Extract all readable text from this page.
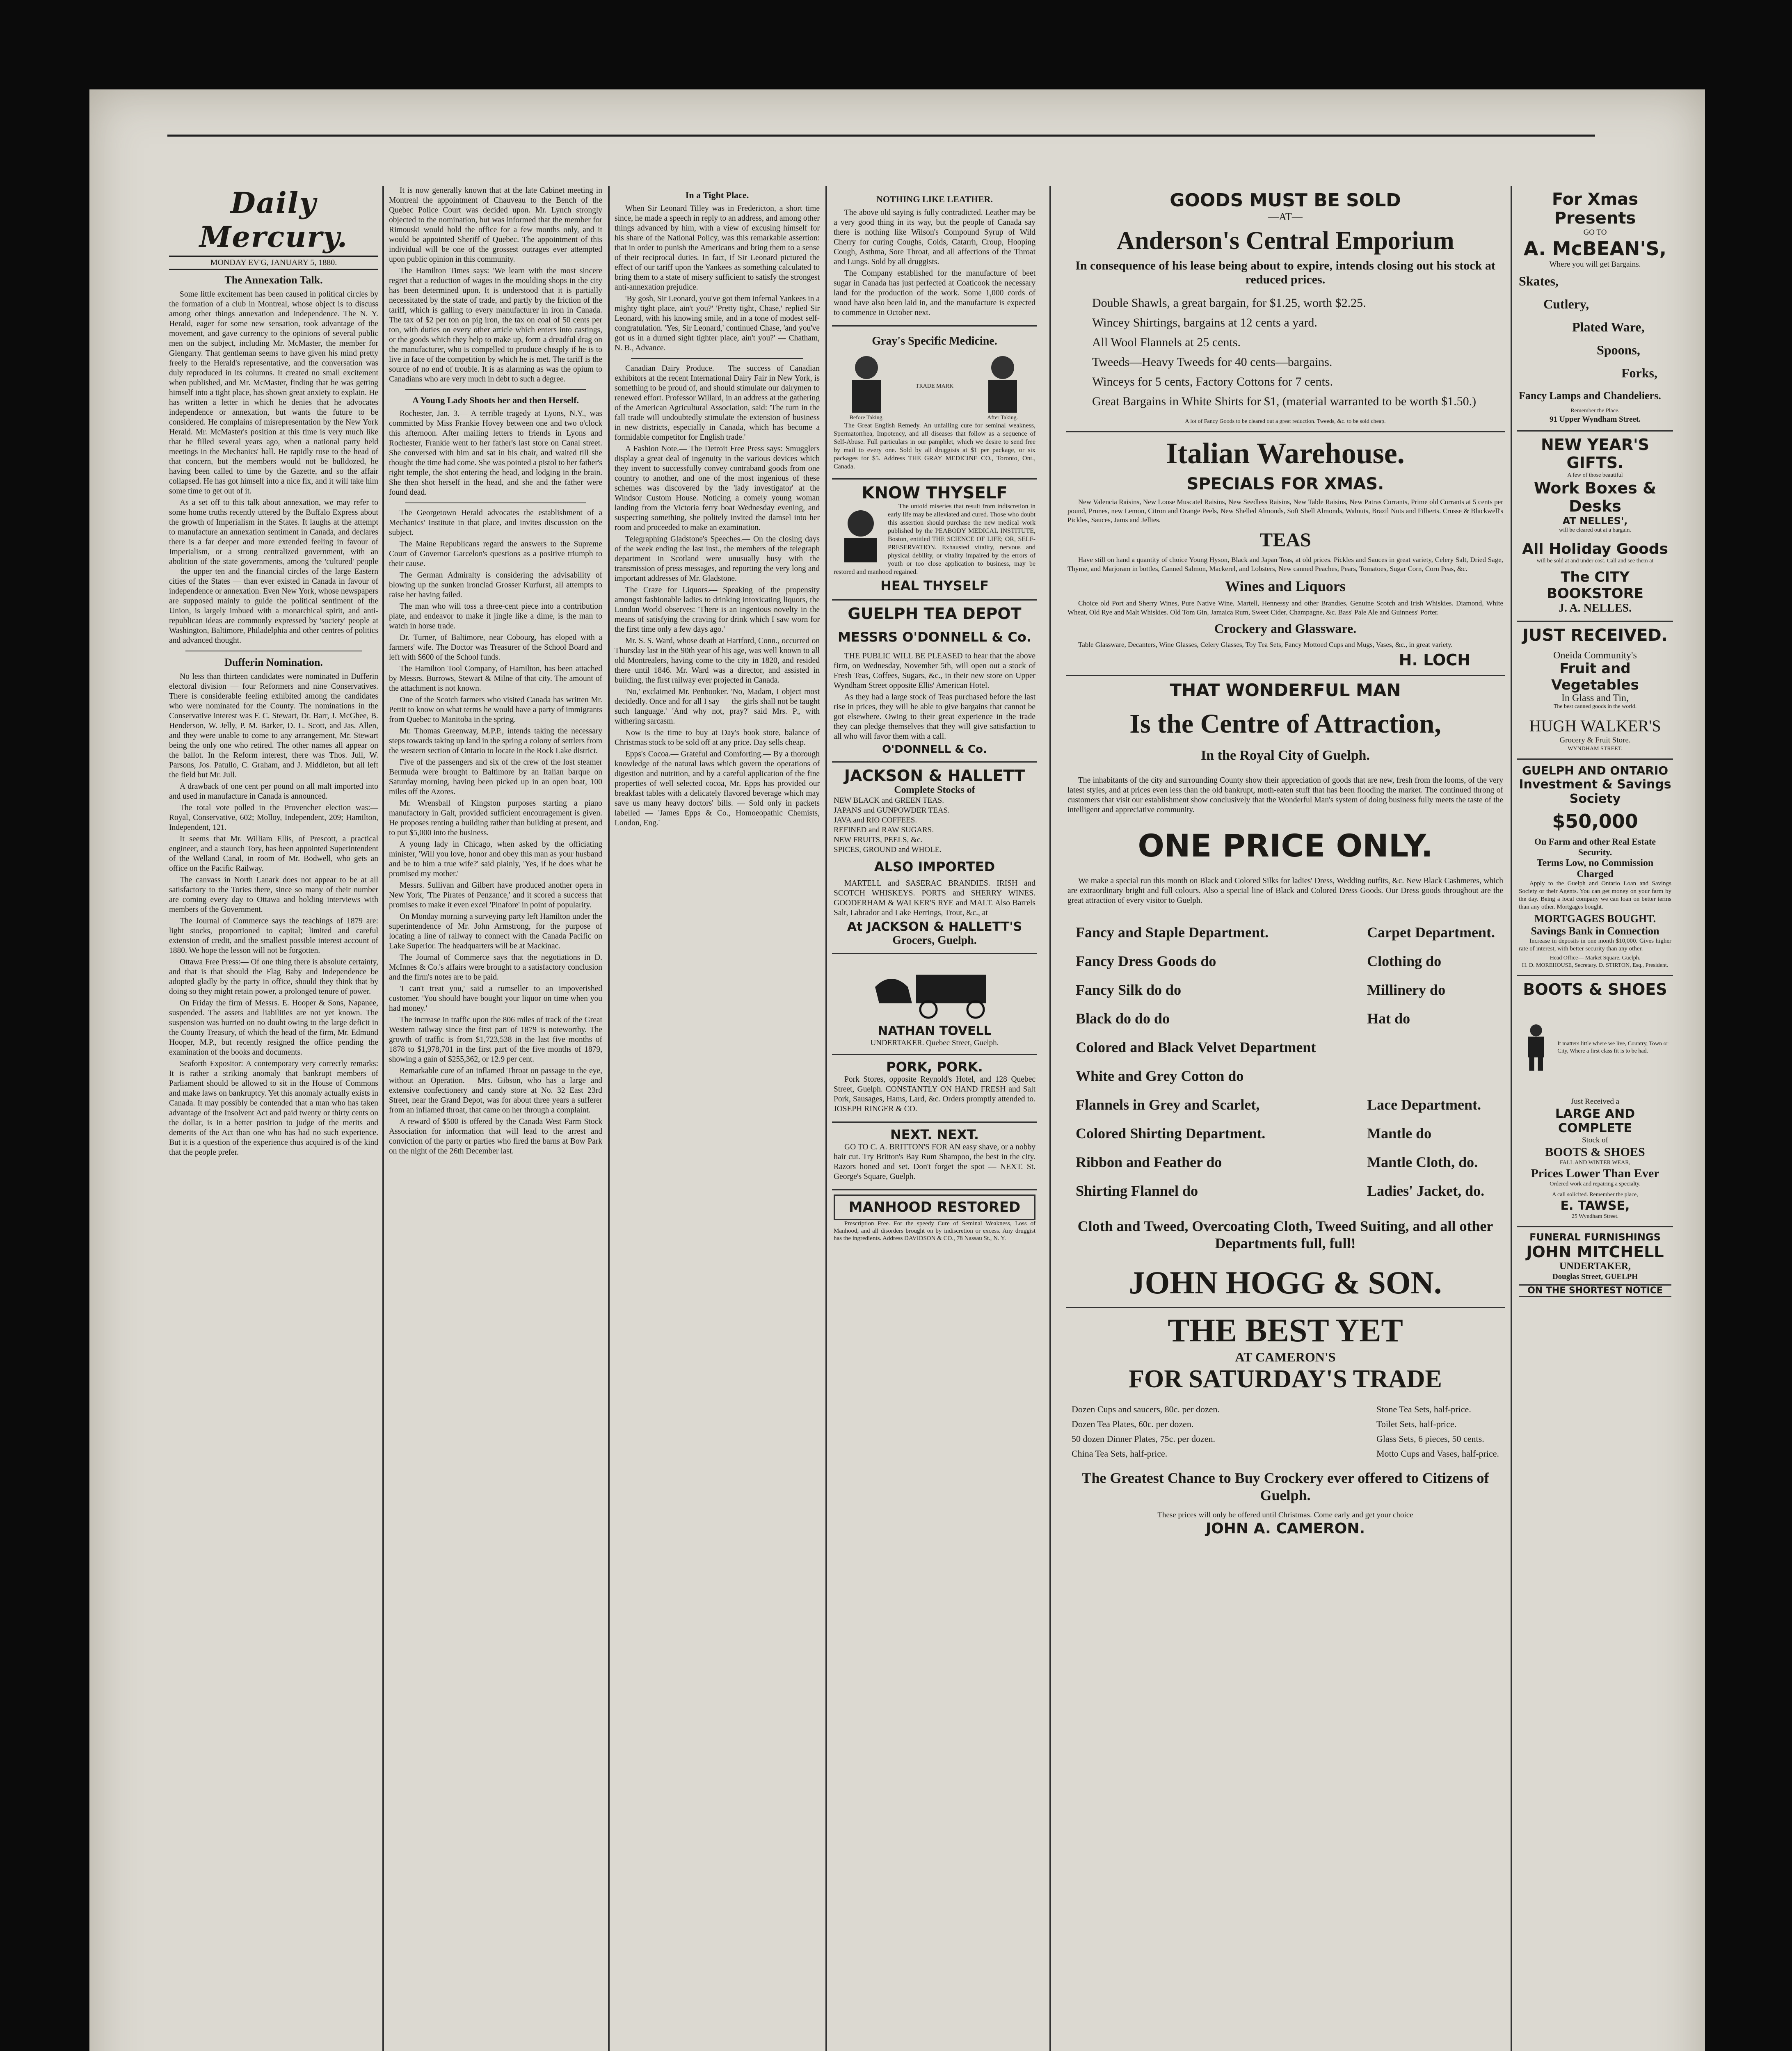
Daily Mercury.
MONDAY EV'G, JANUARY 5, 1880.
The Annexation Talk.

Some little excitement has been caused in political circles by the formation of a club in Montreal, whose object is to discuss among other things annexation and independence. The N. Y. Herald, eager for some new sensation, took advantage of the movement, and gave currency to the opinions of several public men on the subject, including Mr. McMaster, the member for Glengarry. That gentleman seems to have given his mind pretty freely to the Herald's representative, and the conversation was duly reproduced in its columns. It created no small excitement when published, and Mr. McMaster, finding that he was getting himself into a tight place, has shown great anxiety to explain. He has written a letter in which he denies that he advocates independence or annexation, but wants the future to be considered. He complains of misrepresentation by the New York Herald. Mr. McMaster's position at this time is very much like that he filled several years ago, when a national party held meetings in the Mechanics' hall. He rapidly rose to the head of that concern, but the members would not be bulldozed, he having been called to time by the Gazette, and so the affair collapsed. He has got himself into a nice fix, and it will take him some time to get out of it.

As a set off to this talk about annexation, we may refer to some home truths recently uttered by the Buffalo Express about the growth of Imperialism in the States. It laughs at the attempt to manufacture an annexation sentiment in Canada, and declares there is a far deeper and more extended feeling in favour of Imperialism, or a strong centralized government, with an abolition of the state governments, among the 'cultured' people — the upper ten and the financial circles of the large Eastern cities of the States — than ever existed in Canada in favour of independence or annexation. Even New York, whose newspapers are supposed mainly to guide the political sentiment of the Union, is largely imbued with a monarchical spirit, and anti-republican ideas are commonly expressed by 'society' people at Washington, Baltimore, Philadelphia and other centres of politics and advanced thought.

Dufferin Nomination.

No less than thirteen candidates were nominated in Dufferin electoral division — four Reformers and nine Conservatives. There is considerable feeling exhibited among the candidates who were nominated for the County. The nominations in the Conservative interest was F. C. Stewart, Dr. Barr, J. McGhee, B. Henderson, W. Jelly, P. M. Barker, D. L. Scott, and Jas. Allen, and they were unable to come to any arrangement, Mr. Stewart being the only one who retired. The other names all appear on the ballot. In the Reform interest, there was Thos. Jull, W. Parsons, Jos. Patullo, C. Graham, and J. Middleton, but all left the field but Mr. Jull.

A drawback of one cent per pound on all malt imported into and used in manufacture in Canada is announced.

The total vote polled in the Provencher election was:— Royal, Conservative, 602; Molloy, Independent, 209; Hamilton, Independent, 121.

It seems that Mr. William Ellis, of Prescott, a practical engineer, and a staunch Tory, has been appointed Superintendent of the Welland Canal, in room of Mr. Bodwell, who gets an office on the Pacific Railway.

The canvass in North Lanark does not appear to be at all satisfactory to the Tories there, since so many of their number are coming every day to Ottawa and holding interviews with members of the Government.

The Journal of Commerce says the teachings of 1879 are: light stocks, proportioned to capital; limited and careful extension of credit, and the smallest possible interest account of 1880. We hope the lesson will not be forgotten.

Ottawa Free Press:— Of one thing there is absolute certainty, and that is that should the Flag Baby and Independence be adopted gladly by the party in office, should they think that by doing so they might retain power, a prolonged tenure of power.

On Friday the firm of Messrs. E. Hooper & Sons, Napanee, suspended. The assets and liabilities are not yet known. The suspension was hurried on no doubt owing to the large deficit in the County Treasury, of which the head of the firm, Mr. Edmund Hooper, M.P., but recently resigned the office pending the examination of the books and documents.

Seaforth Expositor: A contemporary very correctly remarks: It is rather a striking anomaly that bankrupt members of Parliament should be allowed to sit in the House of Commons and make laws on bankruptcy. Yet this anomaly actually exists in Canada. It may possibly be contended that a man who has taken advantage of the Insolvent Act and paid twenty or thirty cents on the dollar, is in a better position to judge of the merits and demerits of the Act than one who has had no such experience. But it is a question of the experience thus acquired is of the kind that the people prefer.

It is now generally known that at the late Cabinet meeting in Montreal the appointment of Chauveau to the Bench of the Quebec Police Court was decided upon. Mr. Lynch strongly objected to the nomination, but was informed that the member for Rimouski would hold the office for a few months only, and it would be appointed Sheriff of Quebec. The appointment of this individual will be one of the grossest outrages ever attempted upon public opinion in this community.

The Hamilton Times says: 'We learn with the most sincere regret that a reduction of wages in the moulding shops in the city has been determined upon. It is understood that it is partially necessitated by the state of trade, and partly by the friction of the tariff, which is galling to every manufacturer in iron in Canada. The tax of $2 per ton on pig iron, the tax on coal of 50 cents per ton, with duties on every other article which enters into castings, or the goods which they help to make up, form a dreadful drag on the manufacturer, who is compelled to produce cheaply if he is to live in face of the competition by which he is met. The tariff is the source of no end of trouble. It is as alarming as was the opium to Canadians who are very much in debt to such a degree.

A Young Lady Shoots her and then Herself.

Rochester, Jan. 3.— A terrible tragedy at Lyons, N.Y., was committed by Miss Frankie Hovey between one and two o'clock this afternoon. After mailing letters to friends in Lyons and Rochester, Frankie went to her father's last store on Canal street. She conversed with him and sat in his chair, and waited till she thought the time had come. She was pointed a pistol to her father's right temple, the shot entering the head, and lodging in the brain. She then shot herself in the head, and she and the father were found dead.

The Georgetown Herald advocates the establishment of a Mechanics' Institute in that place, and invites discussion on the subject.

The Maine Republicans regard the answers to the Supreme Court of Governor Garcelon's questions as a positive triumph to their cause.

The German Admiralty is considering the advisability of blowing up the sunken ironclad Grosser Kurfurst, all attempts to raise her having failed.

The man who will toss a three-cent piece into a contribution plate, and endeavor to make it jingle like a dime, is the man to watch in horse trade.

Dr. Turner, of Baltimore, near Cobourg, has eloped with a farmers' wife. The Doctor was Treasurer of the School Board and left with $600 of the School funds.

The Hamilton Tool Company, of Hamilton, has been attached by Messrs. Burrows, Stewart & Milne of that city. The amount of the attachment is not known.

One of the Scotch farmers who visited Canada has written Mr. Pettit to know on what terms he would have a party of immigrants from Quebec to Manitoba in the spring.

Mr. Thomas Greenway, M.P.P., intends taking the necessary steps towards taking up land in the spring a colony of settlers from the western section of Ontario to locate in the Rock Lake district.

Five of the passengers and six of the crew of the lost steamer Bermuda were brought to Baltimore by an Italian barque on Saturday morning, having been picked up in an open boat, 100 miles off the Azores.

Mr. Wrensball of Kingston purposes starting a piano manufactory in Galt, provided sufficient encouragement is given. He proposes renting a building rather than building at present, and to put $5,000 into the business.

A young lady in Chicago, when asked by the officiating minister, 'Will you love, honor and obey this man as your husband and be to him a true wife?' said plainly, 'Yes, if he does what he promised my mother.'

Messrs. Sullivan and Gilbert have produced another opera in New York, 'The Pirates of Penzance,' and it scored a success that promises to make it even excel 'Pinafore' in point of popularity.

On Monday morning a surveying party left Hamilton under the superintendence of Mr. John Armstrong, for the purpose of locating a line of railway to connect with the Canada Pacific on Lake Superior. The headquarters will be at Mackinac.

The Journal of Commerce says that the negotiations in D. McInnes & Co.'s affairs were brought to a satisfactory conclusion and the firm's notes are to be paid.

'I can't treat you,' said a rumseller to an impoverished customer. 'You should have bought your liquor on time when you had money.'

The increase in traffic upon the 806 miles of track of the Great Western railway since the first part of 1879 is noteworthy. The growth of traffic is from $1,723,538 in the last five months of 1878 to $1,978,701 in the first part of the five months of 1879, showing a gain of $255,362, or 12.9 per cent.

Remarkable cure of an inflamed Throat on passage to the eye, without an Operation.— Mrs. Gibson, who has a large and extensive confectionery and candy store at No. 32 East 23rd Street, near the Grand Depot, was for about three years a sufferer from an inflamed throat, that came on her through a complaint.

A reward of $500 is offered by the Canada West Farm Stock Association for information that will lead to the arrest and conviction of the party or parties who fired the barns at Bow Park on the night of the 26th December last.

In a Tight Place.

When Sir Leonard Tilley was in Fredericton, a short time since, he made a speech in reply to an address, and among other things advanced by him, with a view of excusing himself for his share of the National Policy, was this remarkable assertion: that in order to punish the Americans and bring them to a sense of their reciprocal duties. In fact, if Sir Leonard pictured the effect of our tariff upon the Yankees as something calculated to bring them to a state of misery sufficient to satisfy the strongest anti-annexation prejudice.

'By gosh, Sir Leonard, you've got them infernal Yankees in a mighty tight place, ain't you?' 'Pretty tight, Chase,' replied Sir Leonard, with his knowing smile, and in a tone of modest self-congratulation. 'Yes, Sir Leonard,' continued Chase, 'and you've got us in a durned sight tighter place, ain't you?' — Chatham, N. B., Advance.

Canadian Dairy Produce.— The success of Canadian exhibitors at the recent International Dairy Fair in New York, is something to be proud of, and should stimulate our dairymen to renewed effort. Professor Willard, in an address at the gathering of the American Agricultural Association, said: 'The turn in the fall trade will undoubtedly stimulate the extension of business in new districts, especially in Canada, which has become a formidable competitor for English trade.'

A Fashion Note.— The Detroit Free Press says: Smugglers display a great deal of ingenuity in the various devices which they invent to successfully convey contraband goods from one country to another, and one of the most ingenious of these schemes was discovered by the 'lady investigator' at the Windsor Custom House. Noticing a comely young woman landing from the Victoria ferry boat Wednesday evening, and suspecting something, she politely invited the damsel into her room and proceeded to make an examination.

Telegraphing Gladstone's Speeches.— On the closing days of the week ending the last inst., the members of the telegraph department in Scotland were unusually busy with the transmission of press messages, and reporting the very long and important addresses of Mr. Gladstone.

The Craze for Liquors.— Speaking of the propensity amongst fashionable ladies to drinking intoxicating liquors, the London World observes: 'There is an ingenious novelty in the means of satisfying the craving for drink which I saw worn for the first time only a few days ago.'

Mr. S. S. Ward, whose death at Hartford, Conn., occurred on Thursday last in the 90th year of his age, was well known to all old Montrealers, having come to the city in 1820, and resided there until 1846. Mr. Ward was a director, and assisted in building, the first railway ever projected in Canada.

'No,' exclaimed Mr. Penbooker. 'No, Madam, I object most decidedly. Once and for all I say — the girls shall not be taught such language.' 'And why not, pray?' said Mrs. P., with withering sarcasm.

Now is the time to buy at Day's book store, balance of Christmas stock to be sold off at any price. Day sells cheap.

Epps's Cocoa.— Grateful and Comforting.— By a thorough knowledge of the natural laws which govern the operations of digestion and nutrition, and by a careful application of the fine properties of well selected cocoa, Mr. Epps has provided our breakfast tables with a delicately flavored beverage which may save us many heavy doctors' bills. — Sold only in packets labelled — 'James Epps & Co., Homoeopathic Chemists, London, Eng.'

NOTHING LIKE LEATHER.

The above old saying is fully contradicted. Leather may be a very good thing in its way, but the people of Canada say there is nothing like Wilson's Compound Syrup of Wild Cherry for curing Coughs, Colds, Catarrh, Croup, Hooping Cough, Asthma, Sore Throat, and all affections of the Throat and Lungs. Sold by all druggists.

The Company established for the manufacture of beet sugar in Canada has just perfected at Coaticook the necessary land for the production of the work. Some 1,000 cords of wood have also been laid in, and the manufacture is expected to commence in October next.

Gray's Specific Medicine.
Before Taking.
TRADE MARK
After Taking.

The Great English Remedy. An unfailing cure for seminal weakness, Spermatorrhea, Impotency, and all diseases that follow as a sequence of Self-Abuse. Full particulars in our pamphlet, which we desire to send free by mail to every one. Sold by all druggists at $1 per package, or six packages for $5. Address THE GRAY MEDICINE CO., Toronto, Ont., Canada.

KNOW THYSELF

The untold miseries that result from indiscretion in early life may be alleviated and cured. Those who doubt this assertion should purchase the new medical work published by the PEABODY MEDICAL INSTITUTE, Boston, entitled THE SCIENCE OF LIFE; OR, SELF-PRESERVATION. Exhausted vitality, nervous and physical debility, or vitality impaired by the errors of youth or too close application to business, may be restored and manhood regained.

HEAL THYSELF
GUELPH TEA DEPOT
MESSRS O'DONNELL & Co.

THE PUBLIC WILL BE PLEASED to hear that the above firm, on Wednesday, November 5th, will open out a stock of Fresh Teas, Coffees, Sugars, &c., in their new store on Upper Wyndham Street opposite Ellis' American Hotel.

As they had a large stock of Teas purchased before the last rise in prices, they will be able to give bargains that cannot be got elsewhere. Owing to their great experience in the trade they can pledge themselves that they will give satisfaction to all who will favor them with a call.

O'DONNELL & Co.
JACKSON & HALLETT
Complete Stocks of
NEW BLACK and GREEN TEAS.
JAPANS and GUNPOWDER TEAS.
JAVA and RIO COFFEES.
REFINED and RAW SUGARS.
NEW FRUITS, PEELS, &c.
SPICES, GROUND and WHOLE.
ALSO IMPORTED

MARTELL and SASERAC BRANDIES. IRISH and SCOTCH WHISKEYS. PORTS and SHERRY WINES. GOODERHAM & WALKER'S RYE and MALT. Also Barrels Salt, Labrador and Lake Herrings, Trout, &c., at

At JACKSON & HALLETT'S
Grocers, Guelph.
NATHAN TOVELL
UNDERTAKER. Quebec Street, Guelph.
PORK, PORK.

Pork Stores, opposite Reynold's Hotel, and 128 Quebec Street, Guelph. CONSTANTLY ON HAND FRESH and Salt Pork, Sausages, Hams, Lard, &c. Orders promptly attended to. JOSEPH RINGER & CO.

NEXT. NEXT.

GO TO C. A. BRITTON'S FOR AN easy shave, or a nobby hair cut. Try Britton's Bay Rum Shampoo, the best in the city. Razors honed and set. Don't forget the spot — NEXT. St. George's Square, Guelph.

MANHOOD RESTORED

Prescription Free. For the speedy Cure of Seminal Weakness, Loss of Manhood, and all disorders brought on by indiscretion or excess. Any druggist has the ingredients. Address DAVIDSON & CO., 78 Nassau St., N. Y.

GOODS MUST BE SOLD
—AT—
Anderson's Central Emporium
In consequence of his lease being about to expire, intends closing out his stock at reduced prices.
Double Shawls, a great bargain, for $1.25, worth $2.25.
Wincey Shirtings, bargains at 12 cents a yard.
All Wool Flannels at 25 cents.
Tweeds—Heavy Tweeds for 40 cents—bargains.
Winceys for 5 cents, Factory Cottons for 7 cents.
Great Bargains in White Shirts for $1, (material warranted to be worth $1.50.)
A lot of Fancy Goods to be cleared out a great reduction. Tweeds, &c. to be sold cheap.
Italian Warehouse.
SPECIALS FOR XMAS.

New Valencia Raisins, New Loose Muscatel Raisins, New Seedless Raisins, New Table Raisins, New Patras Currants, Prime old Currants at 5 cents per pound, Prunes, new Lemon, Citron and Orange Peels, New Shelled Almonds, Soft Shell Almonds, Walnuts, Brazil Nuts and Filberts. Crosse & Blackwell's Pickles, Sauces, Jams and Jellies.

TEAS

Have still on hand a quantity of choice Young Hyson, Black and Japan Teas, at old prices. Pickles and Sauces in great variety, Celery Salt, Dried Sage, Thyme, and Marjoram in bottles, Canned Salmon, Mackerel, and Lobsters, New canned Peaches, Pears, Tomatoes, Sugar Corn, Corn Peas, &c.

Wines and Liquors

Choice old Port and Sherry Wines, Pure Native Wine, Martell, Hennessy and other Brandies, Genuine Scotch and Irish Whiskies. Diamond, White Wheat, Old Rye and Malt Whiskies. Old Tom Gin, Jamaica Rum, Sweet Cider, Champagne, &c. Bass' Pale Ale and Guinness' Porter.

Crockery and Glassware.

Table Glassware, Decanters, Wine Glasses, Celery Glasses, Toy Tea Sets, Fancy Mottoed Cups and Mugs, Vases, &c., in great variety.

H. LOCH
THAT WONDERFUL MAN
Is the Centre of Attraction,
In the Royal City of Guelph.

The inhabitants of the city and surrounding County show their appreciation of goods that are new, fresh from the looms, of the very latest styles, and at prices even less than the old bankrupt, moth-eaten stuff that has been flooding the market. The continued throng of customers that visit our establishment show conclusively that the Wonderful Man's system of doing business fully meets the taste of the intelligent and appreciative community.

ONE PRICE ONLY.

We make a special run this month on Black and Colored Silks for ladies' Dress, Wedding outfits, &c. New Black Cashmeres, which are extraordinary bright and full colours. Also a special line of Black and Colored Dress Goods. Our Dress goods throughout are the great attraction of every visitor to Guelph.

Fancy and Staple Department.
Fancy Dress Goods do
Fancy Silk do do
Black do do do
Colored and Black Velvet Department
White and Grey Cotton do
Flannels in Grey and Scarlet,
Colored Shirting Department.
Ribbon and Feather do
Shirting Flannel do
Carpet Department.
Clothing do
Millinery do
Hat do
Lace Department.
Mantle do
Mantle Cloth, do.
Ladies' Jacket, do.
Cloth and Tweed, Overcoating Cloth, Tweed Suiting, and all other Departments full, full!
JOHN HOGG & SON.
THE BEST YET
AT CAMERON'S
FOR SATURDAY'S TRADE
Dozen Cups and saucers, 80c. per dozen.
Dozen Tea Plates, 60c. per dozen.
50 dozen Dinner Plates, 75c. per dozen.
China Tea Sets, half-price.
Stone Tea Sets, half-price.
Toilet Sets, half-price.
Glass Sets, 6 pieces, 50 cents.
Motto Cups and Vases, half-price.
The Greatest Chance to Buy Crockery ever offered to Citizens of Guelph.
These prices will only be offered until Christmas. Come early and get your choice
JOHN A. CAMERON.
For Xmas Presents
GO TO
A. McBEAN'S,
Where you will get Bargains.
Skates,
Cutlery,
Plated Ware,
Spoons,
Forks,
Fancy Lamps and Chandeliers.
Remember the Place.
91 Upper Wyndham Street.
NEW YEAR'S GIFTS.
A few of those beautiful
Work Boxes & Desks
AT NELLES',
will be cleared out at a bargain.
All Holiday Goods
will be sold at and under cost. Call and see them at
The CITY BOOKSTORE
J. A. NELLES.
JUST RECEIVED.
Oneida Community's
Fruit and Vegetables
In Glass and Tin,
The best canned goods in the world.
HUGH WALKER'S
Grocery & Fruit Store.
WYNDHAM STREET.
GUELPH AND ONTARIO
Investment & Savings Society
$50,000
On Farm and other Real Estate Security.
Terms Low, no Commission Charged

Apply to the Guelph and Ontario Loan and Savings Society or their Agents. You can get money on your farm by the day. Being a local company we can loan on better terms than any other. Mortgages bought.

MORTGAGES BOUGHT.
Savings Bank in Connection

Increase in deposits in one month $10,000. Gives higher rate of interest, with better security than any other.

Head Office— Market Square, Guelph.
H. D. MOREHOUSE, Secretary. D. STIRTON, Esq., President.
BOOTS & SHOES
It matters little where we live, Country, Town or City, Where a first class fit is to be had.
Just Received a
LARGE AND COMPLETE
Stock of
BOOTS & SHOES
FALL AND WINTER WEAR,
Prices Lower Than Ever
Ordered work and repairing a specialty.
A call solicited. Remember the place,
E. TAWSE,
25 Wyndham Street.
FUNERAL FURNISHINGS
JOHN MITCHELL
UNDERTAKER,
Douglas Street, GUELPH
ON THE SHORTEST NOTICE
